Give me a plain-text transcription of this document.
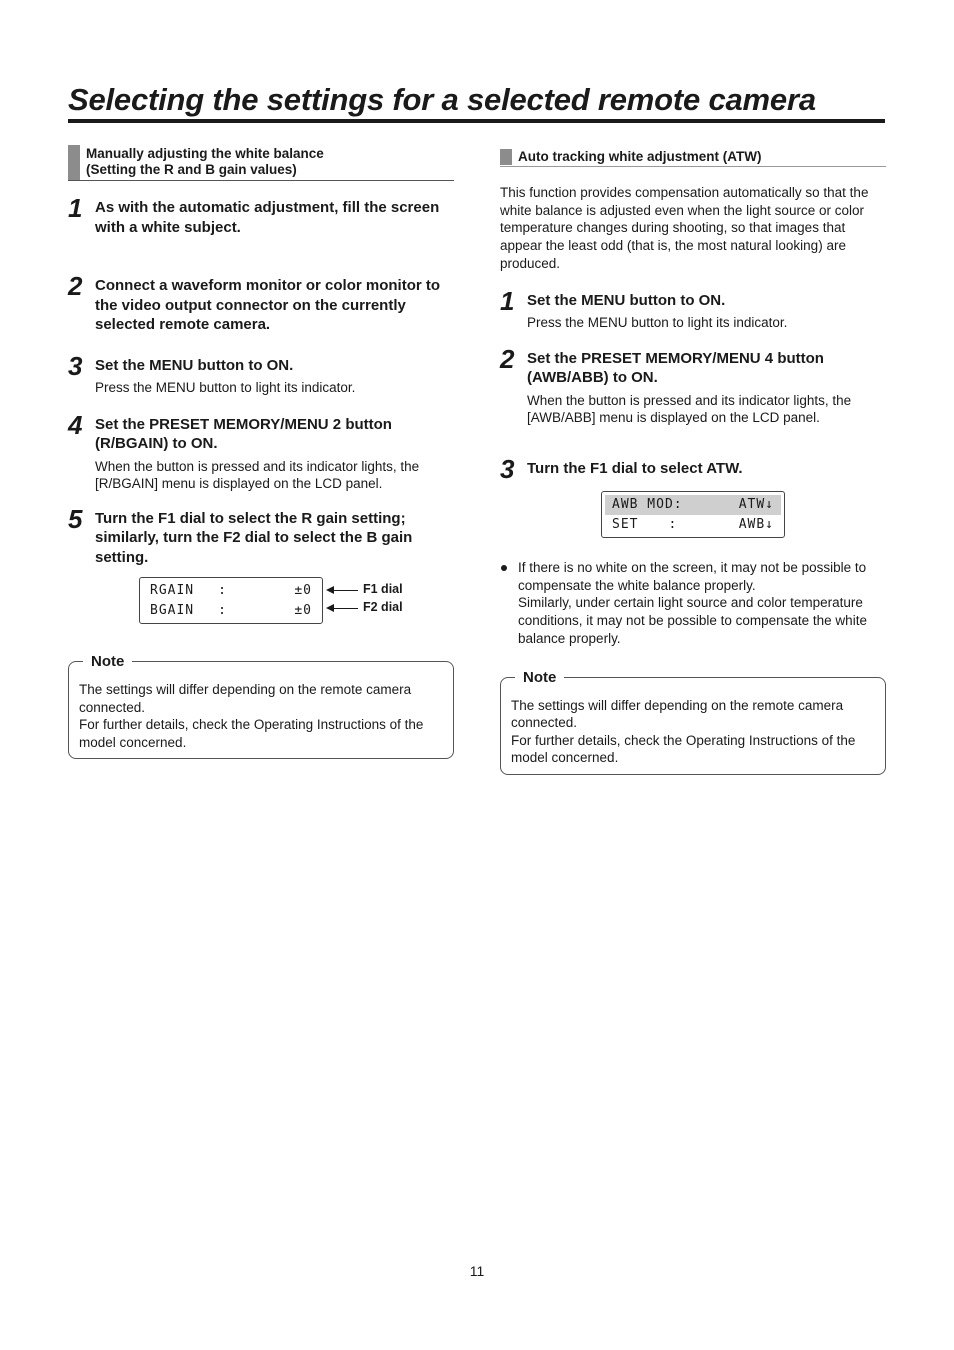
Selecting the settings for a selected remote camera
Manually adjusting the white balance
(Setting the R and B gain values)
1 As with the automatic adjustment, fill the screen with a white subject.
2 Connect a waveform monitor or color monitor to the video output connector on the currently selected remote camera.
3 Set the MENU button to ON.
Press the MENU button to light its indicator.
4 Set the PRESET MEMORY/MENU 2 button (R/BGAIN) to ON.
When the button is pressed and its indicator lights, the [R/BGAIN] menu is displayed on the LCD panel.
5 Turn the F1 dial to select the R gain setting; similarly, turn the F2 dial to select the B gain setting.
RGAIN :	±0
BGAIN :	±0
F1 dial
F2 dial
Note
The settings will differ depending on the remote camera connected.
For further details, check the Operating Instructions of the model concerned.
Auto tracking white adjustment (ATW)
This function provides compensation automatically so that the white balance is adjusted even when the light source or color temperature changes during shooting, so that images that appear the least odd (that is, the most natural looking) are produced.
1 Set the MENU button to ON.
Press the MENU button to light its indicator.
2 Set the PRESET MEMORY/MENU 4 button (AWB/ABB) to ON.
When the button is pressed and its indicator lights, the [AWB/ABB] menu is displayed on the LCD panel.
3 Turn the F1 dial to select ATW.
AWB MOD:	ATW↓
SET :	AWB↓
If there is no white on the screen, it may not be possible to compensate the white balance properly.
Similarly, under certain light source and color temperature conditions, it may not be possible to compensate the white balance properly.
Note
The settings will differ depending on the remote camera connected.
For further details, check the Operating Instructions of the model concerned.
11
